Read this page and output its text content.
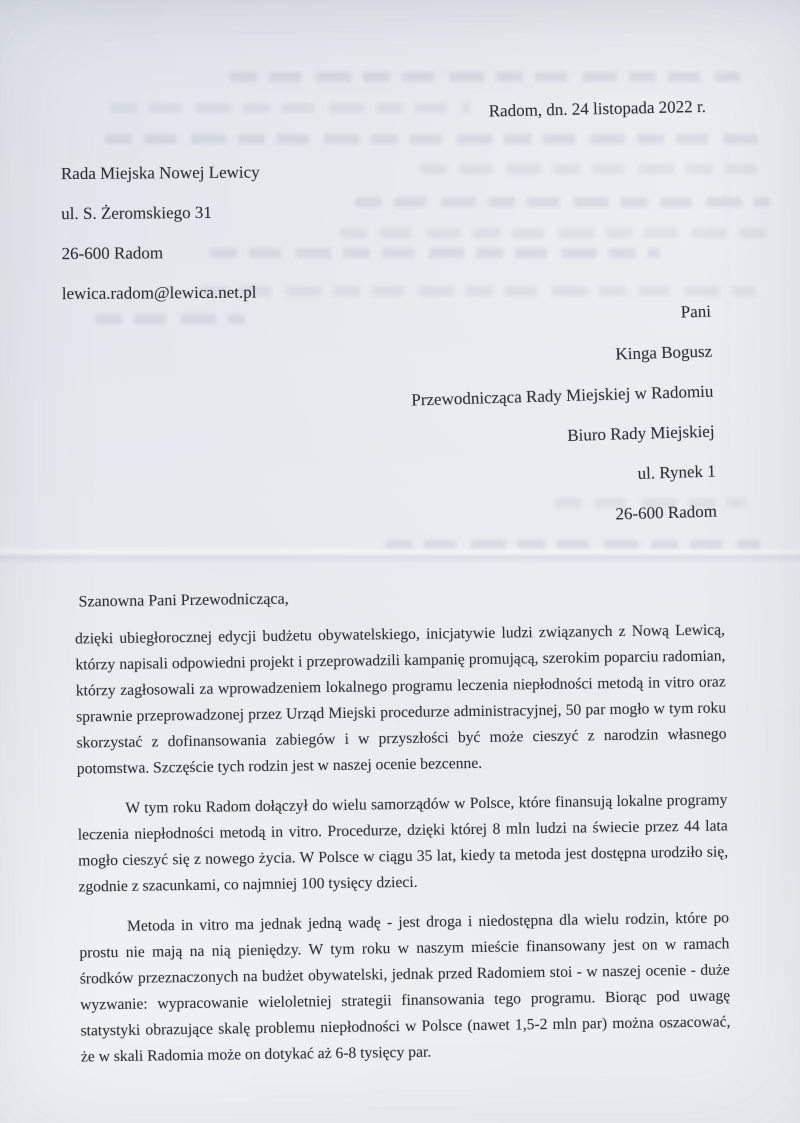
Radom, dn. 24 listopada 2022 r.
Rada Miejska Nowej Lewicy
ul. S. Żeromskiego 31
26-600 Radom
lewica.radom@lewica.net.pl
Pani
Kinga Bogusz
Przewodnicząca Rady Miejskiej w Radomiu
Biuro Rady Miejskiej
ul. Rynek 1
26-600 Radom
Szanowna Pani Przewodnicząca,

dzięki ubiegłorocznej edycji budżetu obywatelskiego, inicjatywie ludzi związanych z Nową Lewicą, którzy napisali odpowiedni projekt i przeprowadzili kampanię promującą, szerokim poparciu radomian, którzy zagłosowali za wprowadzeniem lokalnego programu leczenia niepłodności metodą in vitro oraz sprawnie przeprowadzonej przez Urząd Miejski procedurze administracyjnej, 50 par mogło w tym roku skorzystać z dofinansowania zabiegów i w przyszłości być może cieszyć z narodzin własnego potomstwa. Szczęście tych rodzin jest w naszej ocenie bezcenne.

W tym roku Radom dołączył do wielu samorządów w Polsce, które finansują lokalne programy leczenia niepłodności metodą in vitro. Procedurze, dzięki której 8 mln ludzi na świecie przez 44 lata mogło cieszyć się z nowego życia. W Polsce w ciągu 35 lat, kiedy ta metoda jest dostępna urodziło się, zgodnie z szacunkami, co najmniej 100 tysięcy dzieci.

Metoda in vitro ma jednak jedną wadę - jest droga i niedostępna dla wielu rodzin, które po prostu nie mają na nią pieniędzy. W tym roku w naszym mieście finansowany jest on w ramach środków przeznaczonych na budżet obywatelski, jednak przed Radomiem stoi - w naszej ocenie - duże wyzwanie: wypracowanie wieloletniej strategii finansowania tego programu. Biorąc pod uwagę statystyki obrazujące skalę problemu niepłodności w Polsce (nawet 1,5-2 mln par) można oszacować, że w skali Radomia może on dotykać aż 6-8 tysięcy par.
